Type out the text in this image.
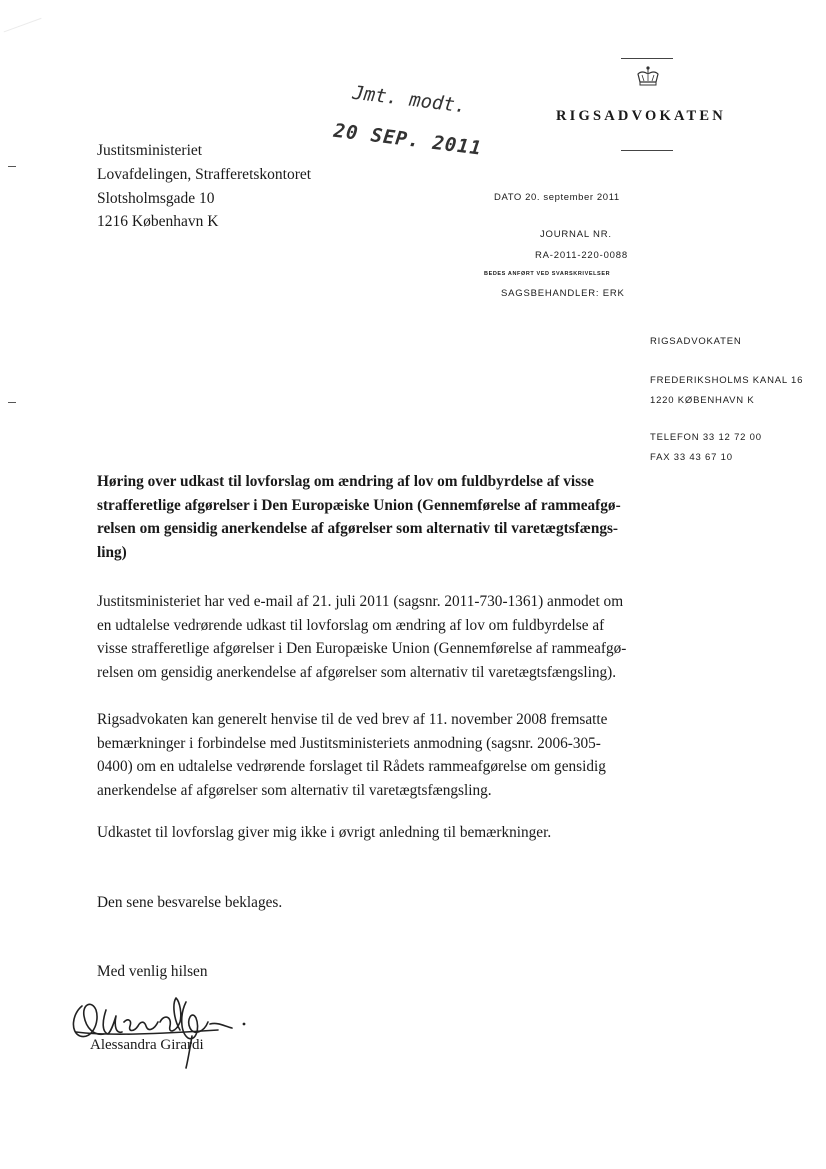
Jmt. modt.
20 SEP. 2011
RIGSADVOKATEN
Justitsministeriet
Lovafdelingen, Strafferetskontoret
Slotsholmsgade 10
1216 København K
DATO 20. september 2011
JOURNAL NR.
RA-2011-220-0088
BEDES ANFØRT VED SVARSKRIVELSER
SAGSBEHANDLER: ERK
RIGSADVOKATEN
FREDERIKSHOLMS KANAL 16
1220 KØBENHAVN K
TELEFON 33 12 72 00
FAX 33 43 67 10
Høring over udkast til lovforslag om ændring af lov om fuldbyrdelse af visse
strafferetlige afgørelser i Den Europæiske Union (Gennemførelse af rammeafgø-
relsen om gensidig anerkendelse af afgørelser som alternativ til varetægtsfængs-
ling)
Justitsministeriet har ved e-mail af 21. juli 2011 (sagsnr. 2011-730-1361) anmodet om
en udtalelse vedrørende udkast til lovforslag om ændring af lov om fuldbyrdelse af
visse strafferetlige afgørelser i Den Europæiske Union (Gennemførelse af rammeafgø-
relsen om gensidig anerkendelse af afgørelser som alternativ til varetægtsfængsling).
Rigsadvokaten kan generelt henvise til de ved brev af 11. november 2008 fremsatte
bemærkninger i forbindelse med Justitsministeriets anmodning (sagsnr. 2006-305-
0400) om en udtalelse vedrørende forslaget til Rådets rammeafgørelse om gensidig
anerkendelse af afgørelser som alternativ til varetægtsfængsling.
Udkastet til lovforslag giver mig ikke i øvrigt anledning til bemærkninger.
Den sene besvarelse beklages.
Med venlig hilsen
Alessandra Girardi
